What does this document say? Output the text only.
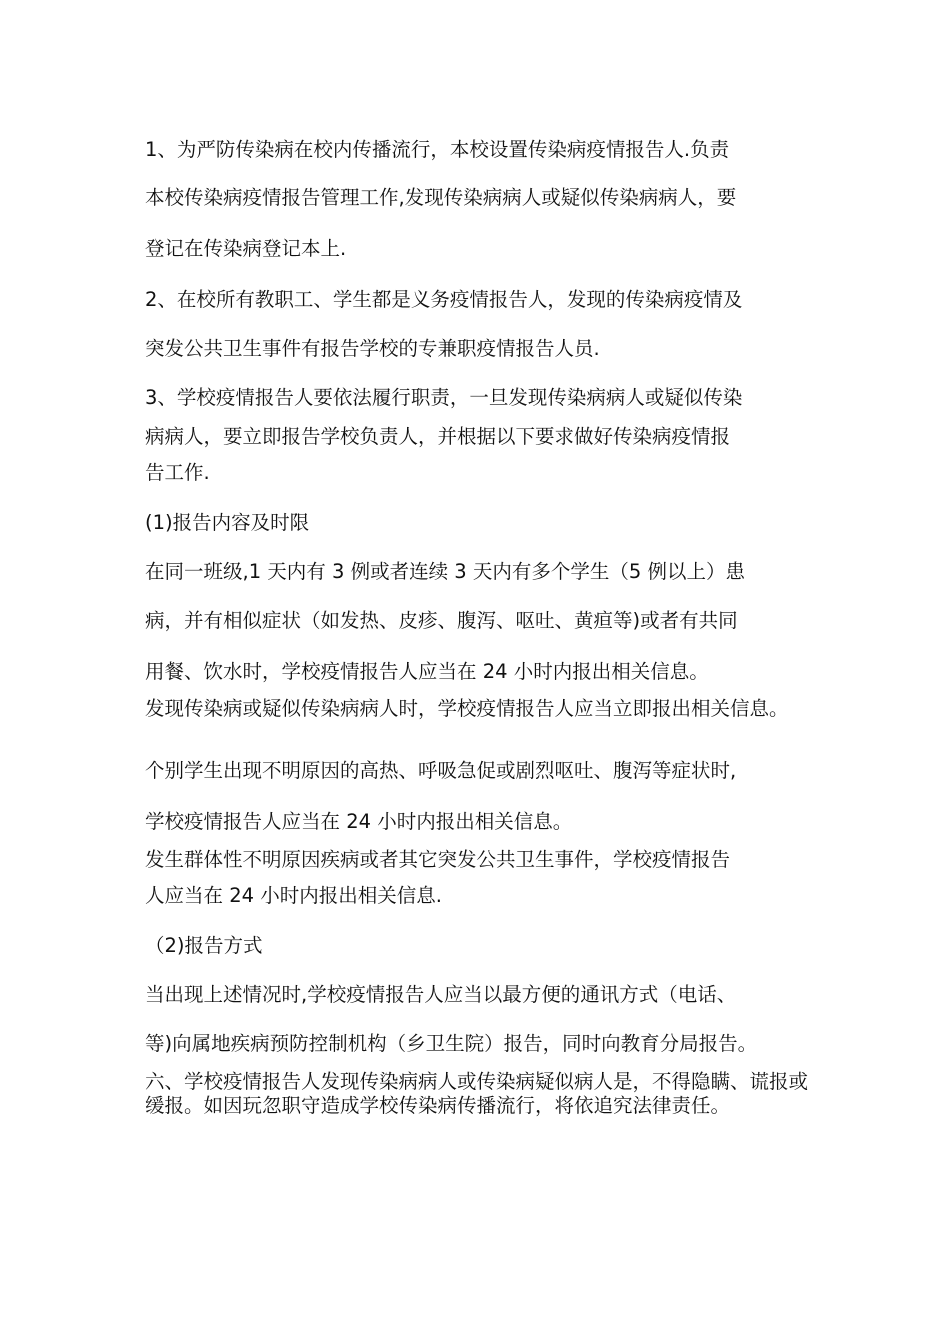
1、为严防传染病在校内传播流行，本校设置传染病疫情报告人.负责

本校传染病疫情报告管理工作,发现传染病病人或疑似传染病病人，要

登记在传染病登记本上.

2、在校所有教职工、学生都是义务疫情报告人，发现的传染病疫情及

突发公共卫生事件有报告学校的专兼职疫情报告人员.

3、学校疫情报告人要依法履行职责，一旦发现传染病病人或疑似传染

病病人，要立即报告学校负责人，并根据以下要求做好传染病疫情报

告工作.

(1)报告内容及时限

在同一班级,1 天内有 3 例或者连续 3 天内有多个学生（5 例以上）患

病，并有相似症状（如发热、皮疹、腹泻、呕吐、黄疸等)或者有共同

用餐、饮水时，学校疫情报告人应当在 24 小时内报出相关信息。

发现传染病或疑似传染病病人时，学校疫情报告人应当立即报出相关信息。

个别学生出现不明原因的高热、呼吸急促或剧烈呕吐、腹泻等症状时,

学校疫情报告人应当在 24 小时内报出相关信息。

发生群体性不明原因疾病或者其它突发公共卫生事件，学校疫情报告

人应当在 24 小时内报出相关信息.

（2)报告方式

当出现上述情况时,学校疫情报告人应当以最方便的通讯方式（电话、

等)向属地疾病预防控制机构（乡卫生院）报告，同时向教育分局报告。

六、学校疫情报告人发现传染病病人或传染病疑似病人是，不得隐瞒、谎报或缓报。如因玩忽职守造成学校传染病传播流行，将依追究法律责任。
